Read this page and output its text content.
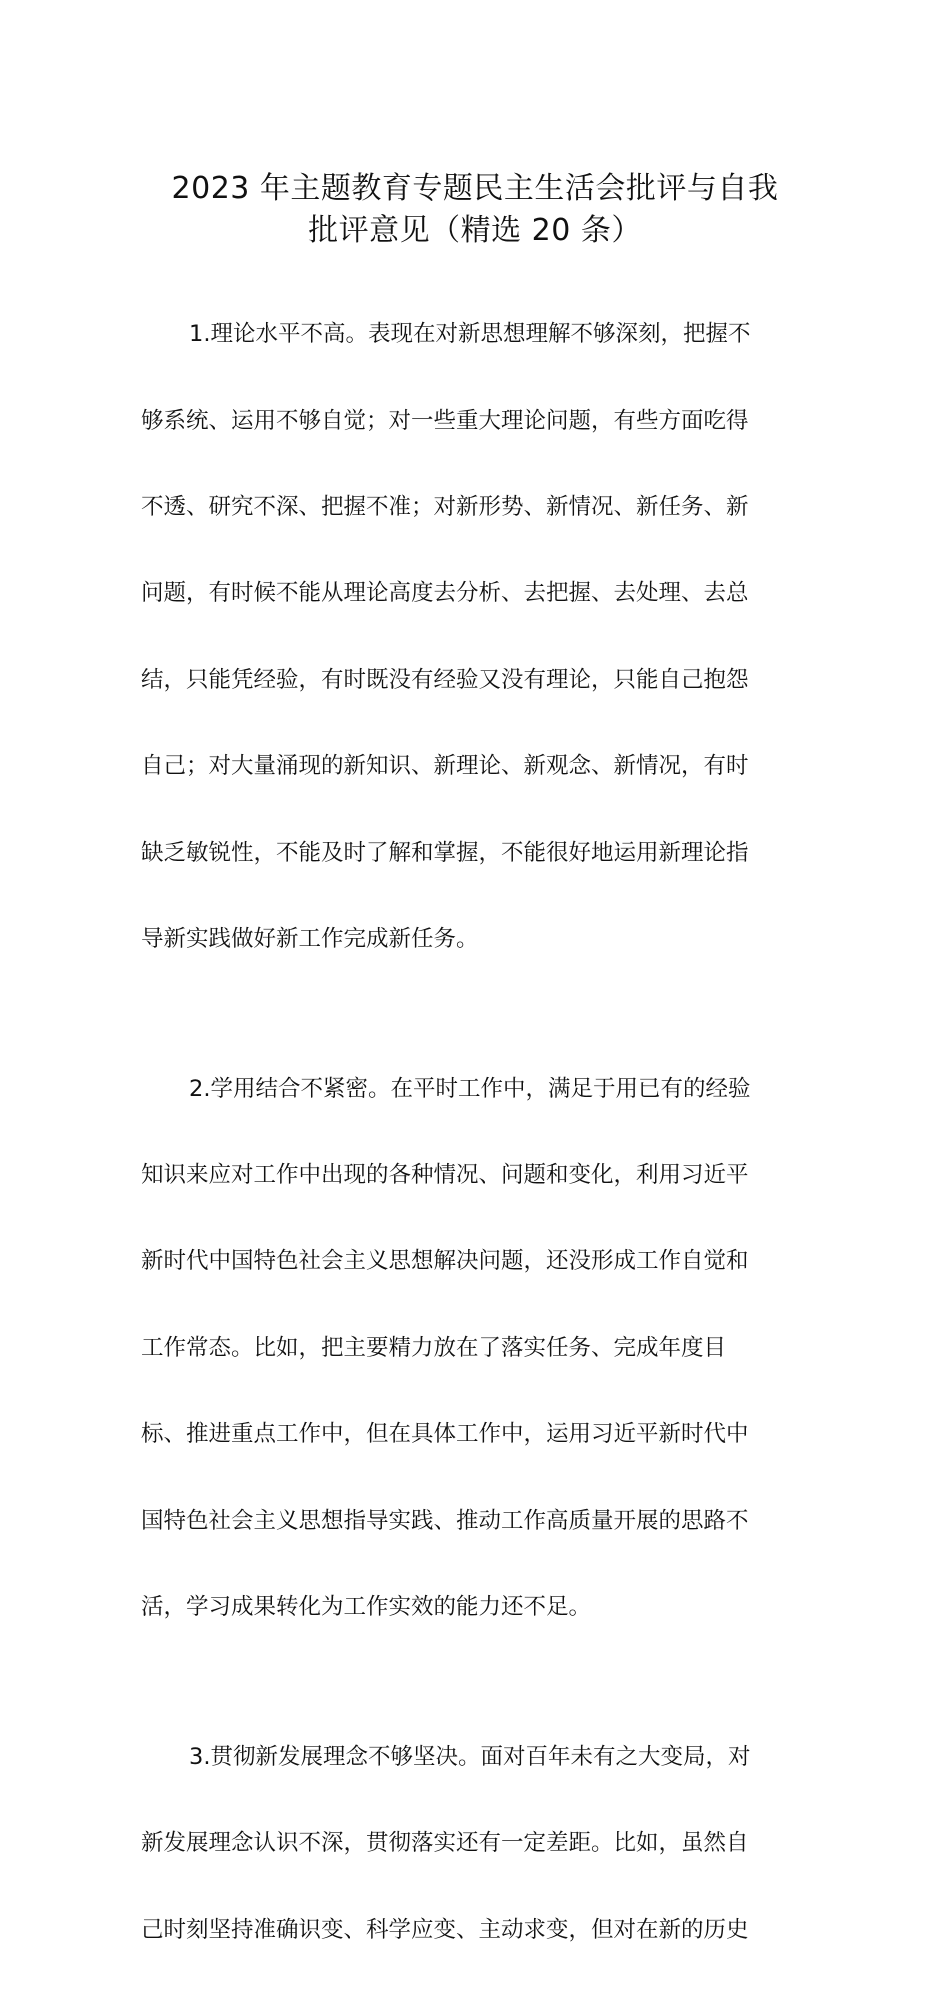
2023 年主题教育专题民主生活会批评与自我
批评意见（精选 20 条）

1.理论水平不高。表现在对新思想理解不够深刻，把握不

够系统、运用不够自觉；对一些重大理论问题，有些方面吃得

不透、研究不深、把握不准；对新形势、新情况、新任务、新

问题，有时候不能从理论高度去分析、去把握、去处理、去总

结，只能凭经验，有时既没有经验又没有理论，只能自己抱怨

自己；对大量涌现的新知识、新理论、新观念、新情况，有时

缺乏敏锐性，不能及时了解和掌握，不能很好地运用新理论指

导新实践做好新工作完成新任务。

2.学用结合不紧密。在平时工作中，满足于用已有的经验

知识来应对工作中出现的各种情况、问题和变化，利用习近平

新时代中国特色社会主义思想解决问题，还没形成工作自觉和

工作常态。比如，把主要精力放在了落实任务、完成年度目

标、推进重点工作中，但在具体工作中，运用习近平新时代中

国特色社会主义思想指导实践、推动工作高质量开展的思路不

活，学习成果转化为工作实效的能力还不足。

3.贯彻新发展理念不够坚决。面对百年未有之大变局，对

新发展理念认识不深，贯彻落实还有一定差距。比如，虽然自

己时刻坚持准确识变、科学应变、主动求变，但对在新的历史
